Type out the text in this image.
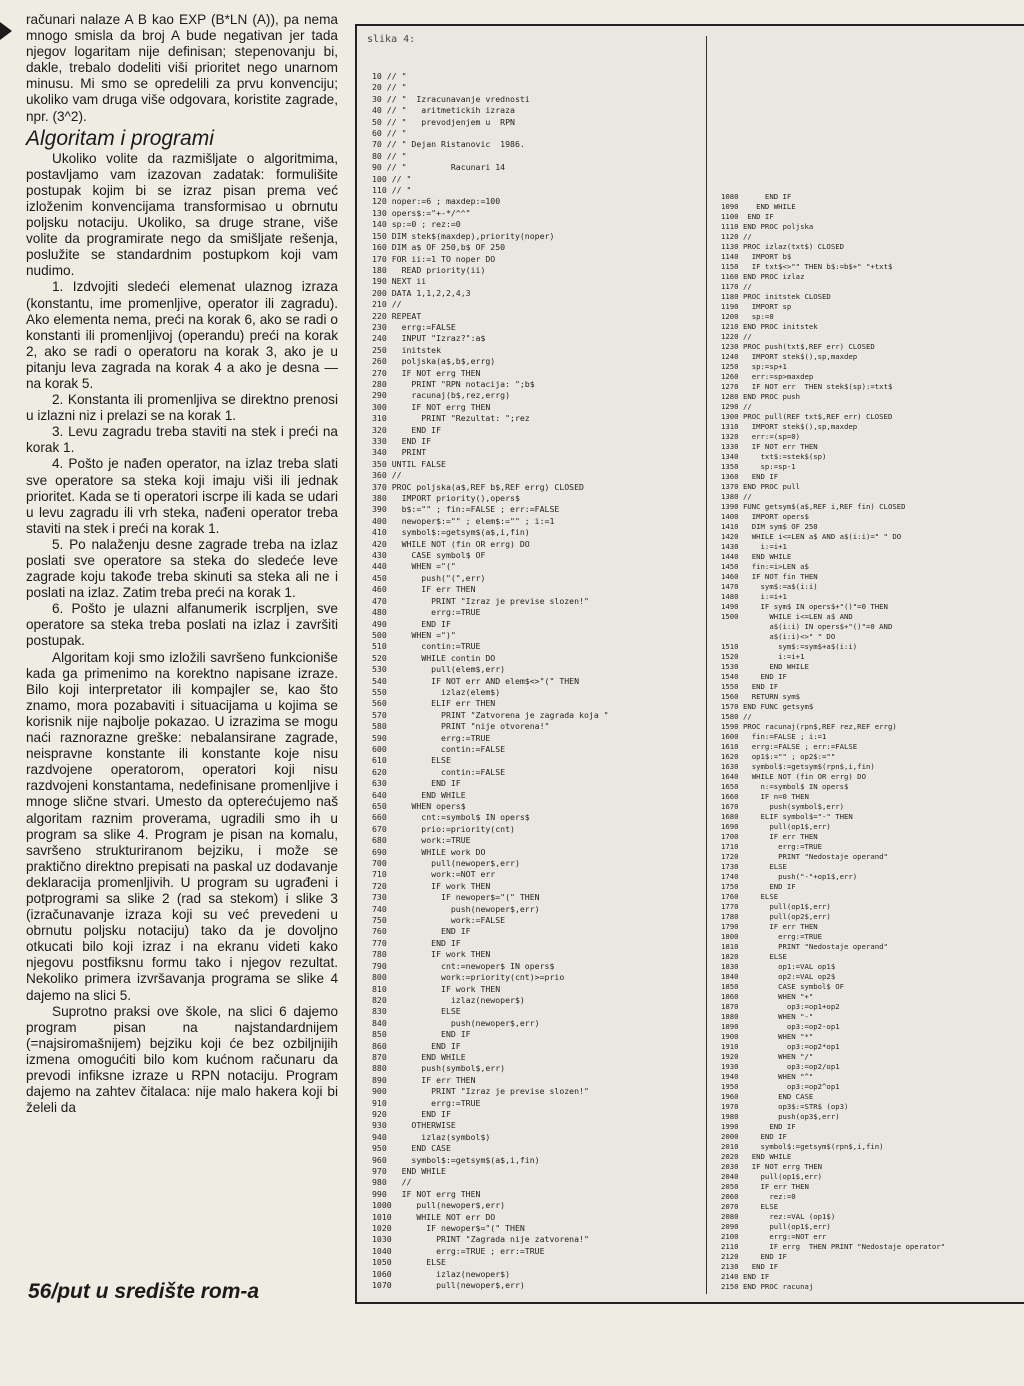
računari nalaze A B kao EXP (B*LN (A)), pa nema mnogo smisla da broj A bude negativan jer tada njegov logaritam nije definisan; stepenovanju bi, dakle, trebalo dodeliti viši prioritet nego unarnom minusu. Mi smo se opredelili za prvu konvenciju; ukoliko vam druga više odgovara, koristite zagrade, npr. (3^2).

Algoritam i programi

Ukoliko volite da razmišljate o algoritmima, postavljamo vam izazovan zadatak: formulišite postupak kojim bi se izraz pisan prema već izloženim konvencijama transformisao u obrnutu poljsku notaciju. Ukoliko, sa druge strane, više volite da programirate nego da smišljate rešenja, poslužite se standardnim postupkom koji vam nudimo.

1. Izdvojiti sledeći elemenat ulaznog izraza (konstantu, ime promenljive, operator ili zagradu). Ako elementa nema, preći na korak 6, ako se radi o konstanti ili promenljivoj (operandu) preći na korak 2, ako se radi o operatoru na korak 3, ako je u pitanju leva zagrada na korak 4 a ako je desna — na korak 5.

2. Konstanta ili promenljiva se direktno prenosi u izlazni niz i prelazi se na korak 1.

3. Levu zagradu treba staviti na stek i preći na korak 1.

4. Pošto je nađen operator, na izlaz treba slati sve operatore sa steka koji imaju viši ili jednak prioritet. Kada se ti operatori iscrpe ili kada se udari u levu zagradu ili vrh steka, nađeni operator treba staviti na stek i preći na korak 1.

5. Po nalaženju desne zagrade treba na izlaz poslati sve operatore sa steka do sledeće leve zagrade koju takođe treba skinuti sa steka ali ne i poslati na izlaz. Zatim treba preći na korak 1.

6. Pošto je ulazni alfanumerik iscrpljen, sve operatore sa steka treba poslati na izlaz i završiti postupak.

Algoritam koji smo izložili savršeno funkcioniše kada ga primenimo na korektno napisane izraze. Bilo koji interpretator ili kompajler se, kao što znamo, mora pozabaviti i situacijama u kojima se korisnik nije najbolje pokazao. U izrazima se mogu naći raznorazne greške: nebalansirane zagrade, neispravne konstante ili konstante koje nisu razdvojene operatorom, operatori koji nisu razdvojeni konstantama, nedefinisane promenljive i mnoge slične stvari. Umesto da opterećujemo naš algoritam raznim proverama, ugradili smo ih u program sa slike 4. Program je pisan na komalu, savršeno strukturiranom bejziku, i može se praktično direktno prepisati na paskal uz dodavanje deklaracija promenljivih. U program su ugrađeni i potprogrami sa slike 2 (rad sa stekom) i slike 3 (izračunavanje izraza koji su već prevedeni u obrnutu poljsku notaciju) tako da je dovoljno otkucati bilo koji izraz i na ekranu videti kako njegovu postfiksnu formu tako i njegov rezultat. Nekoliko primera izvršavanja programa se slike 4 dajemo na slici 5.

Suprotno praksi ove škole, na slici 6 dajemo program pisan na najstandardnijem (=najsiromašnijem) bejziku koji će bez ozbiljnijih izmena omogućiti bilo kom kućnom računaru da prevodi infiksne izraze u RPN notaciju. Program dajemo na zahtev čitalaca: nije malo hakera koji bi želeli da

56/put u središte rom-a
slika 4:
10 // "
20 // "
30 // "  Izracunavanje vrednosti
40 // "   aritmetickih izraza
50 // "   prevodjenjem u  RPN
60 // "
70 // " Dejan Ristanovic  1986.
80 // "
90 // "         Racunari 14
100 // "
110 // "
120 noper:=6 ; maxdep:=100
130 opers$:="+-*/^^"
140 sp:=0 ; rez:=0
150 DIM stek$(maxdep),priority(noper)
160 DIM a$ OF 250,b$ OF 250
170 FOR ii:=1 TO noper DO
180   READ priority(ii)
190 NEXT ii
200 DATA 1,1,2,2,4,3
210 //
220 REPEAT
230   errg:=FALSE
240   INPUT "Izraz?":a$
250   initstek
260   poljska(a$,b$,errg)
270   IF NOT errg THEN
280     PRINT "RPN notacija: ";b$
290     racunaj(b$,rez,errg)
300     IF NOT errg THEN
310       PRINT "Rezultat: ";rez
320     END IF
330   END IF
340   PRINT
350 UNTIL FALSE
360 //
370 PROC poljska(a$,REF b$,REF errg) CLOSED
380   IMPORT priority(),opers$
390   b$:="" ; fin:=FALSE ; err:=FALSE
400   newoper$:="" ; elem$:="" ; i:=1
410   symbol$:=getsym$(a$,i,fin)
420   WHILE NOT (fin OR errg) DO
430     CASE symbol$ OF
440     WHEN ="("
450       push("(",err)
460       IF err THEN
470         PRINT "Izraz je previse slozen!"
480         errg:=TRUE
490       END IF
500     WHEN =")"
510       contin:=TRUE
520       WHILE contin DO
530         pull(elem$,err)
540         IF NOT err AND elem$<>"(" THEN
550           izlaz(elem$)
560         ELIF err THEN
570           PRINT "Zatvorena je zagrada koja "
580           PRINT "nije otvorena!"
590           errg:=TRUE
600           contin:=FALSE
610         ELSE
620           contin:=FALSE
630         END IF
640       END WHILE
650     WHEN opers$
660       cnt:=symbol$ IN opers$
670       prio:=priority(cnt)
680       work:=TRUE
690       WHILE work DO
700         pull(newoper$,err)
710         work:=NOT err
720         IF work THEN
730           IF newoper$="(" THEN
740             push(newoper$,err)
750             work:=FALSE
760           END IF
770         END IF
780         IF work THEN
790           cnt:=newoper$ IN opers$
800           work:=priority(cnt)>=prio
810           IF work THEN
820             izlaz(newoper$)
830           ELSE
840             push(newoper$,err)
850           END IF
860         END IF
870       END WHILE
880       push(symbol$,err)
890       IF err THEN
900         PRINT "Izraz je previse slozen!"
910         errg:=TRUE
920       END IF
930     OTHERWISE
940       izlaz(symbol$)
950     END CASE
960     symbol$:=getsym$(a$,i,fin)
970   END WHILE
980   //
990   IF NOT errg THEN
1000     pull(newoper$,err)
1010     WHILE NOT err DO
1020       IF newoper$="(" THEN
1030         PRINT "Zagrada nije zatvorena!"
1040         errg:=TRUE ; err:=TRUE
1050       ELSE
1060         izlaz(newoper$)
1070         pull(newoper$,err)
1080      END IF
1090    END WHILE
1100  END IF
1110 END PROC poljska
1120 //
1130 PROC izlaz(txt$) CLOSED
1140   IMPORT b$
1150   IF txt$<>"" THEN b$:=b$+" "+txt$
1160 END PROC izlaz
1170 //
1180 PROC initstek CLOSED
1190   IMPORT sp
1200   sp:=0
1210 END PROC initstek
1220 //
1230 PROC push(txt$,REF err) CLOSED
1240   IMPORT stek$(),sp,maxdep
1250   sp:=sp+1
1260   err:=sp>maxdep
1270   IF NOT err  THEN stek$(sp):=txt$
1280 END PROC push
1290 //
1300 PROC pull(REF txt$,REF err) CLOSED
1310   IMPORT stek$(),sp,maxdep
1320   err:=(sp=0)
1330   IF NOT err THEN
1340     txt$:=stek$(sp)
1350     sp:=sp-1
1360   END IF
1370 END PROC pull
1380 //
1390 FUNC getsym$(a$,REF i,REF fin) CLOSED
1400   IMPORT opers$
1410   DIM sym$ OF 250
1420   WHILE i<=LEN a$ AND a$(i:i)=" " DO
1430     i:=i+1
1440   END WHILE
1450   fin:=i>LEN a$
1460   IF NOT fin THEN
1470     sym$:=a$(i:i)
1480     i:=i+1
1490     IF sym$ IN opers$+"()"=0 THEN
1500       WHILE i<=LEN a$ AND
a$(i:i) IN opers$+"()"=0 AND
a$(i:i)<>" " DO
1510         sym$:=sym$+a$(i:i)
1520         i:=i+1
1530       END WHILE
1540     END IF
1550   END IF
1560   RETURN sym$
1570 END FUNC getsym$
1580 //
1590 PROC racunaj(rpn$,REF rez,REF errg)
1600   fin:=FALSE ; i:=1
1610   errg:=FALSE ; err:=FALSE
1620   op1$:="" ; op2$:=""
1630   symbol$:=getsym$(rpn$,i,fin)
1640   WHILE NOT (fin OR errg) DO
1650     n:=symbol$ IN opers$
1660     IF n=0 THEN
1670       push(symbol$,err)
1680     ELIF symbol$="-" THEN
1690       pull(op1$,err)
1700       IF err THEN
1710         errg:=TRUE
1720         PRINT "Nedostaje operand"
1730       ELSE
1740         push("-"+op1$,err)
1750       END IF
1760     ELSE
1770       pull(op1$,err)
1780       pull(op2$,err)
1790       IF err THEN
1800         errg:=TRUE
1810         PRINT "Nedostaje operand"
1820       ELSE
1830         op1:=VAL op1$
1840         op2:=VAL op2$
1850         CASE symbol$ OF
1860         WHEN "+"
1870           op3:=op1+op2
1880         WHEN "-"
1890           op3:=op2-op1
1900         WHEN "*"
1910           op3:=op2*op1
1920         WHEN "/"
1930           op3:=op2/op1
1940         WHEN "^"
1950           op3:=op2^op1
1960         END CASE
1970         op3$:=STR$ (op3)
1980         push(op3$,err)
1990       END IF
2000     END IF
2010     symbol$:=getsym$(rpn$,i,fin)
2020   END WHILE
2030   IF NOT errg THEN
2040     pull(op1$,err)
2050     IF err THEN
2060       rez:=0
2070     ELSE
2080       rez:=VAL (op1$)
2090       pull(op1$,err)
2100       errg:=NOT err
2110       IF errg  THEN PRINT "Nedostaje operator"
2120     END IF
2130   END IF
2140 END IF
2150 END PROC racunaj
